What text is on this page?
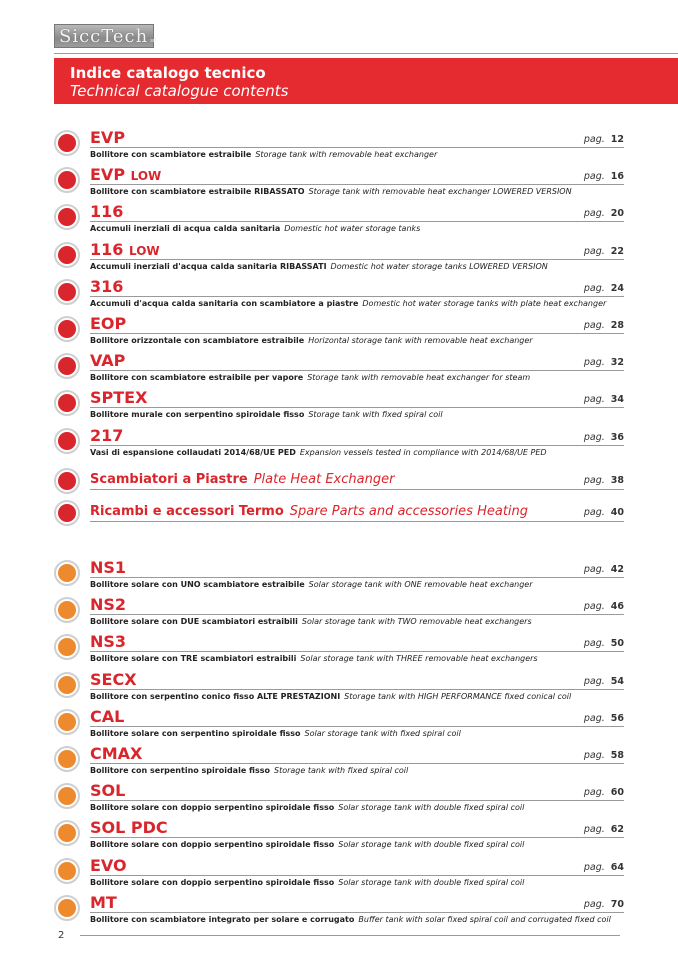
SiccTech srl
Indice catalogo tecnico
Technical catalogue contents
EVP	pag. 12
Bollitore con scambiatore estraibile Storage tank with removable heat exchanger
EVP LOW	pag. 16
Bollitore con scambiatore estraibile RIBASSATO Storage tank with removable heat exchanger LOWERED VERSION
116	pag. 20
Accumuli inerziali di acqua calda sanitaria Domestic hot water storage tanks
116 LOW	pag. 22
Accumuli inerziali d'acqua calda sanitaria RIBASSATI Domestic hot water storage tanks LOWERED VERSION
316	pag. 24
Accumuli d'acqua calda sanitaria con scambiatore a piastre Domestic hot water storage tanks with plate heat exchanger
EOP	pag. 28
Bollitore orizzontale con scambiatore estraibile Horizontal storage tank with removable heat exchanger
VAP	pag. 32
Bollitore con scambiatore estraibile per vapore Storage tank with removable heat exchanger for steam
SPTEX	pag. 34
Bollitore murale con serpentino spiroidale fisso Storage tank with fixed spiral coil
217	pag. 36
Vasi di espansione collaudati 2014/68/UE PED Expansion vessels tested in compliance with 2014/68/UE PED
Scambiatori a Piastre Plate Heat Exchanger	pag. 38
Ricambi e accessori Termo Spare Parts and accessories Heating	pag. 40
NS1	pag. 42
Bollitore solare con UNO scambiatore estraibile Solar storage tank with ONE removable heat exchanger
NS2	pag. 46
Bollitore solare con DUE scambiatori estraibili Solar storage tank with TWO removable heat exchangers
NS3	pag. 50
Bollitore solare con TRE scambiatori estraibili Solar storage tank with THREE removable heat exchangers
SECX	pag. 54
Bollitore con serpentino conico fisso ALTE PRESTAZIONI Storage tank with HIGH PERFORMANCE fixed conical coil
CAL	pag. 56
Bollitore solare con serpentino spiroidale fisso Solar storage tank with fixed spiral coil
CMAX	pag. 58
Bollitore con serpentino spiroidale fisso Storage tank with fixed spiral coil
SOL	pag. 60
Bollitore solare con doppio serpentino spiroidale fisso Solar storage tank with double fixed spiral coil
SOL PDC	pag. 62
Bollitore solare con doppio serpentino spiroidale fisso Solar storage tank with double fixed spiral coil
EVO	pag. 64
Bollitore solare con doppio serpentino spiroidale fisso Solar storage tank with double fixed spiral coil
MT	pag. 70
Bollitore con scambiatore integrato per solare e corrugato Buffer tank with solar fixed spiral coil and corrugated fixed coil
2
